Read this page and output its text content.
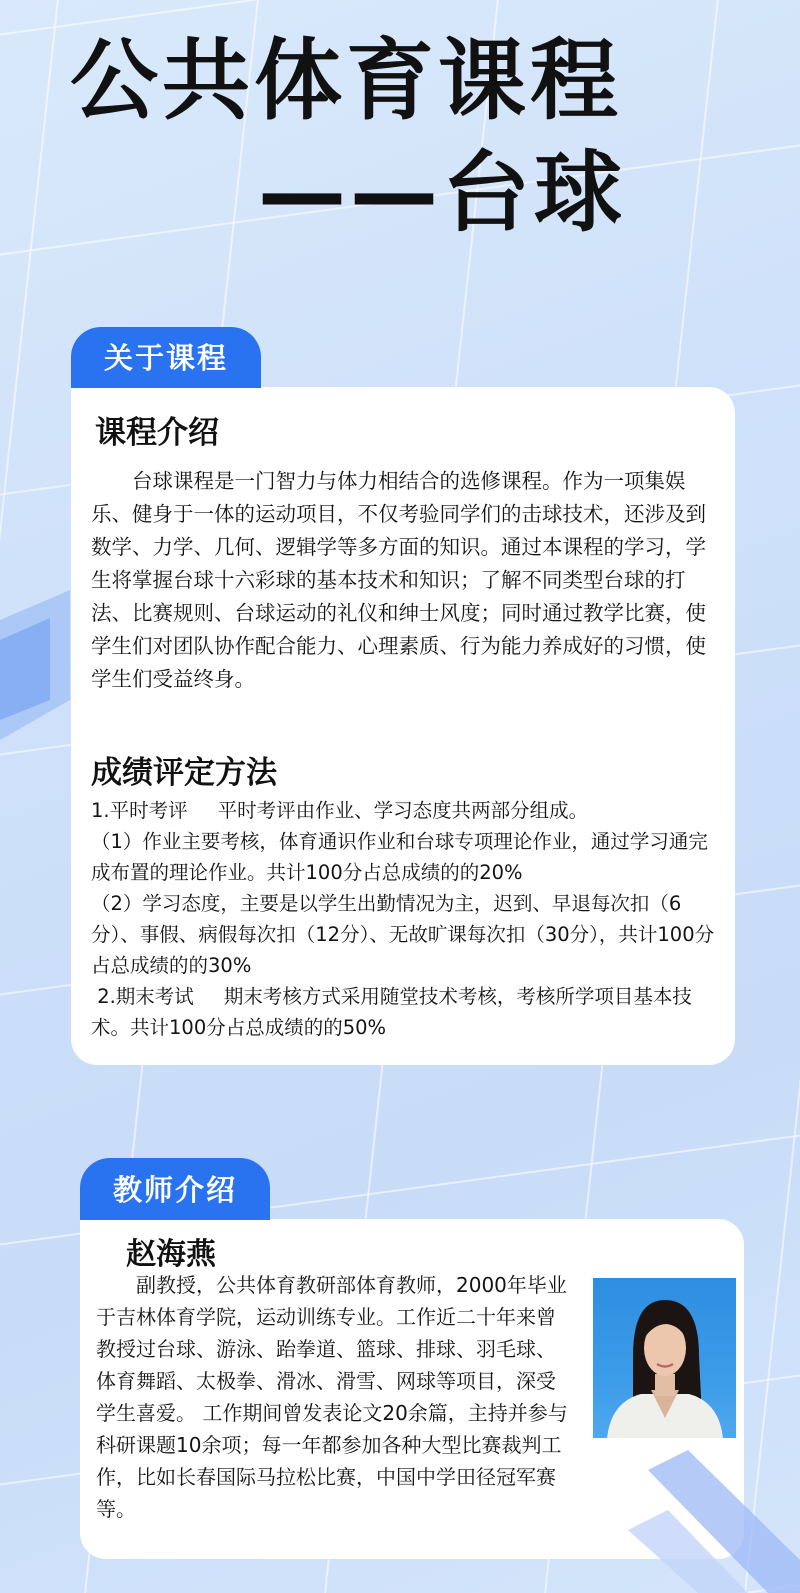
公共体育课程
——台球
关于课程
课程介绍

台球课程是一门智力与体力相结合的选修课程。作为一项集娱乐、健身于一体的运动项目，不仅考验同学们的击球技术，还涉及到数学、力学、几何、逻辑学等多方面的知识。通过本课程的学习，学生将掌握台球十六彩球的基本技术和知识；了解不同类型台球的打法、比赛规则、台球运动的礼仪和绅士风度；同时通过教学比赛，使学生们对团队协作配合能力、心理素质、行为能力养成好的习惯，使学生们受益终身。

成绩评定方法

1.平时考评 平时考评由作业、学习态度共两部分组成。

（1）作业主要考核，体育通识作业和台球专项理论作业，通过学习通完成布置的理论作业。共计100分占总成绩的的20%

（2）学习态度，主要是以学生出勤情况为主，迟到、早退每次扣（6分）、事假、病假每次扣（12分）、无故旷课每次扣（30分），共计100分占总成绩的的30%

2.期末考试 期末考核方式采用随堂技术考核，考核所学项目基本技术。共计100分占总成绩的的50%

教师介绍
赵海燕

副教授，公共体育教研部体育教师，2000年毕业于吉林体育学院，运动训练专业。工作近二十年来曾教授过台球、游泳、跆拳道、篮球、排球、羽毛球、体育舞蹈、太极拳、滑冰、滑雪、网球等项目，深受学生喜爱。 工作期间曾发表论文20余篇，主持并参与科研课题10余项；每一年都参加各种大型比赛裁判工作，比如长春国际马拉松比赛，中国中学田径冠军赛等。
